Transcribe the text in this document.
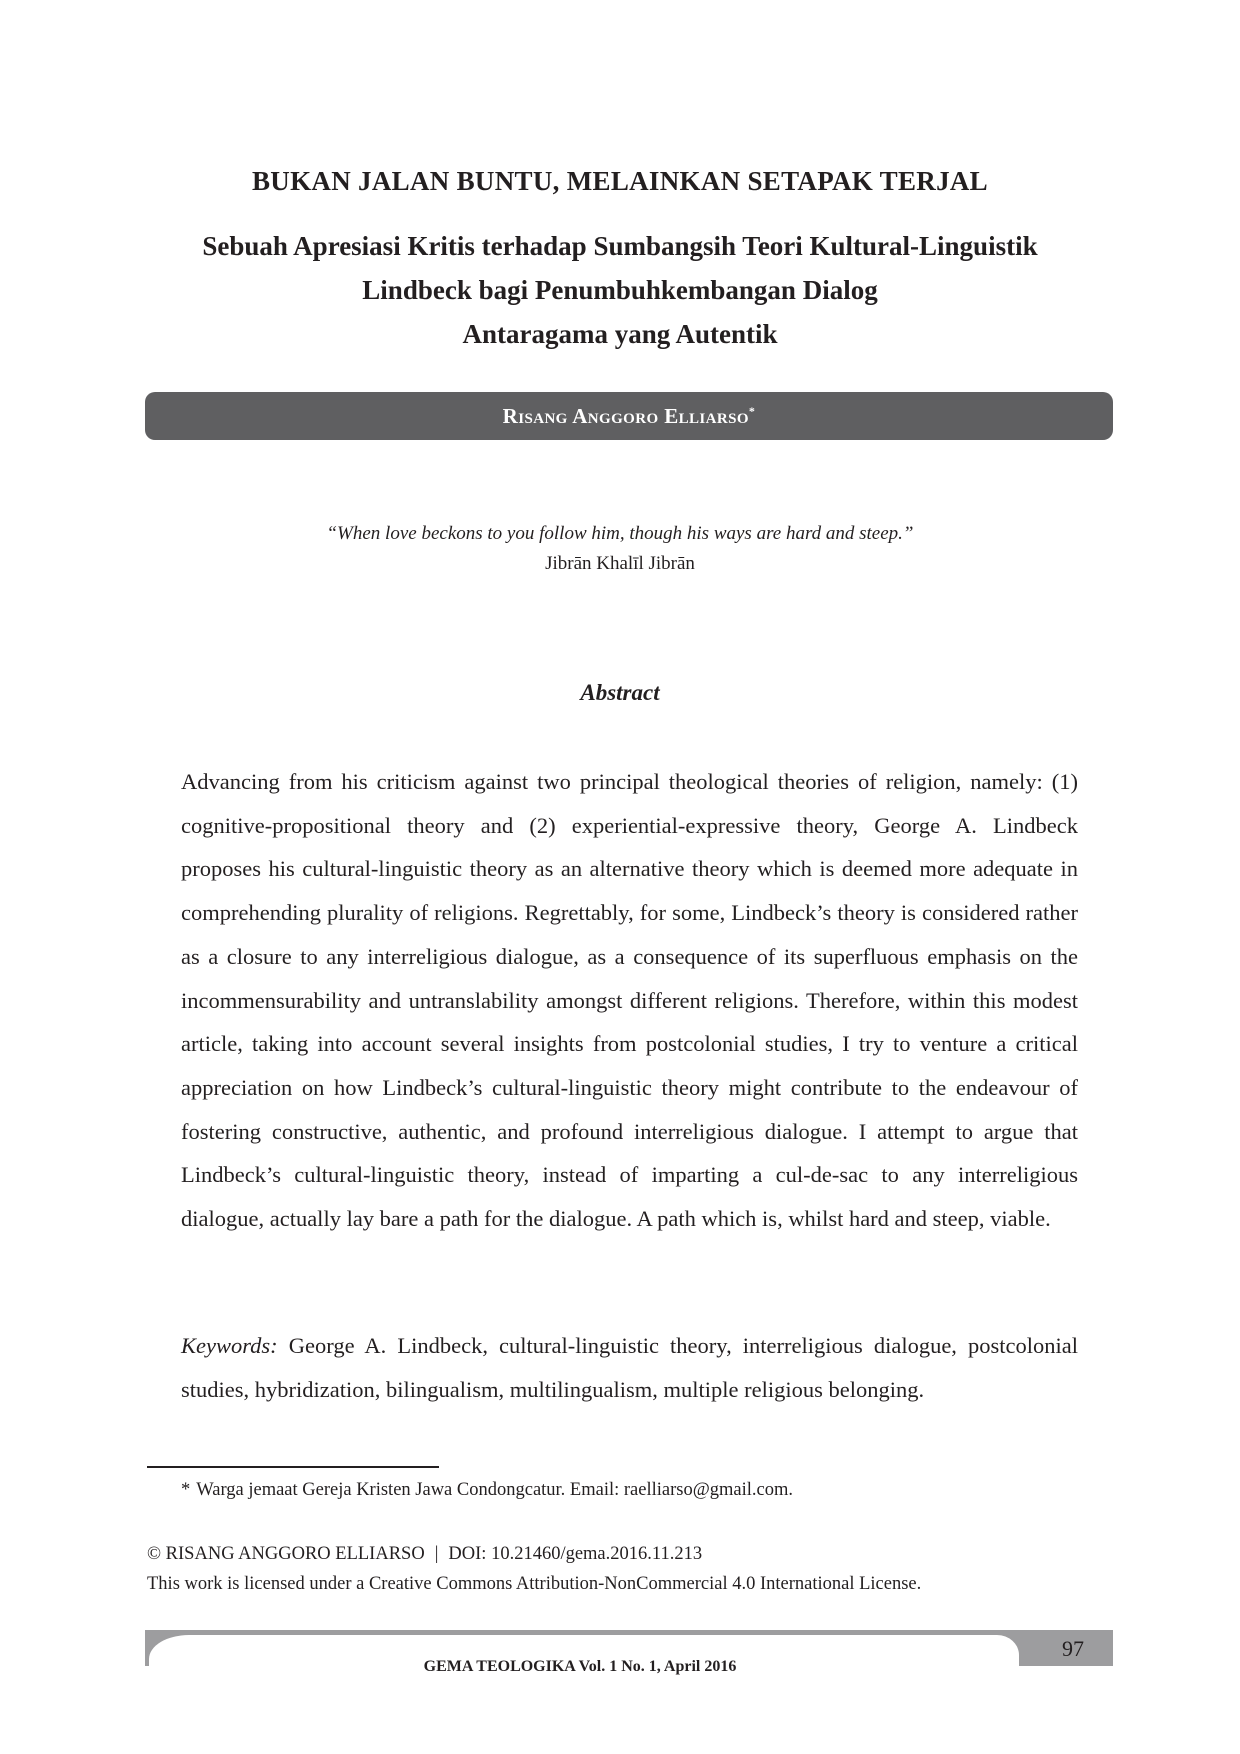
BUKAN JALAN BUNTU, MELAINKAN SETAPAK TERJAL
Sebuah Apresiasi Kritis terhadap Sumbangsih Teori Kultural-Linguistik
Lindbeck bagi Penumbuhkembangan Dialog
Antaragama yang Autentik
Risang Anggoro Elliarso*
“When love beckons to you follow him, though his ways are hard and steep.”
Jibrān Khalīl Jibrān
Abstract

Advancing from his criticism against two principal theological theories of religion, namely: (1) cognitive-propositional theory and (2) experiential-expressive theory, George A. Lindbeck proposes his cultural-linguistic theory as an alternative theory which is deemed more adequate in comprehending plurality of religions. Regrettably, for some, Lindbeck’s theory is considered rather as a closure to any interreligious dialogue, as a consequence of its superfluous emphasis on the incommensurability and untranslability amongst different religions. Therefore, within this modest article, taking into account several insights from postcolonial studies, I try to venture a critical appreciation on how Lindbeck’s cultural-linguistic theory might contribute to the endeavour of fostering constructive, authentic, and profound interreligious dialogue. I attempt to argue that Lindbeck’s cultural-linguistic theory, instead of imparting a cul-de-sac to any interreligious dialogue, actually lay bare a path for the dialogue. A path which is, whilst hard and steep, viable.

Keywords: George A. Lindbeck, cultural-linguistic theory, interreligious dialogue, postcolonial studies, hybridization, bilingualism, multilingualism, multiple religious belonging.

* Warga jemaat Gereja Kristen Jawa Condongcatur. Email: raelliarso@gmail.com.
© RISANG ANGGORO ELLIARSO | DOI: 10.21460/gema.2016.11.213
This work is licensed under a Creative Commons Attribution-NonCommercial 4.0 International License.
GEMA TEOLOGIKA Vol. 1 No. 1, April 2016
97
